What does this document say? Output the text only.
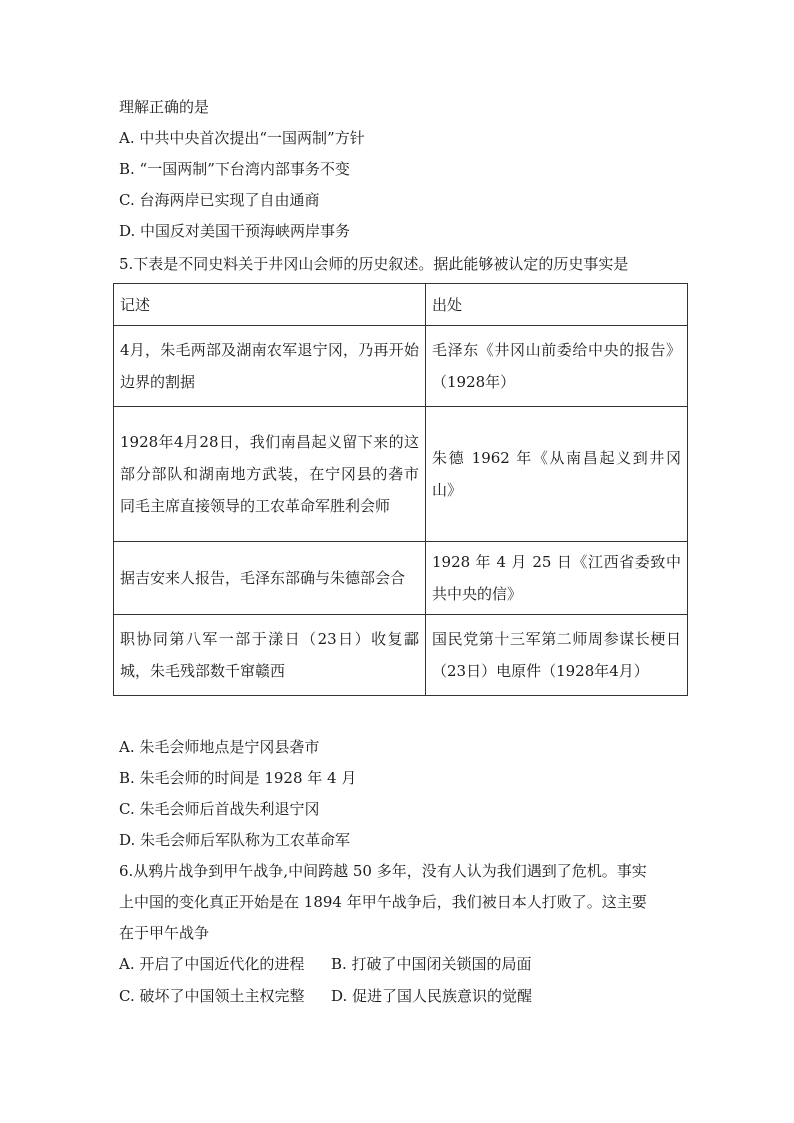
理解正确的是
A. 中共中央首次提出“一国两制”方针
B. “一国两制”下台湾内部事务不变
C. 台海两岸已实现了自由通商
D. 中国反对美国干预海峡两岸事务
5.下表是不同史料关于井冈山会师的历史叙述。据此能够被认定的历史事实是
记述	出处

4月，朱毛两部及湖南农军退宁冈，乃再开始边界的割据	毛泽东《井冈山前委给中央的报告》（1928年）

1928年4月28日，我们南昌起义留下来的这部分部队和湖南地方武装，在宁冈县的砻市同毛主席直接领导的工农革命军胜利会师	朱德 1962 年《从南昌起义到井冈山》

据吉安来人报告，毛泽东部确与朱德部会合	1928 年 4 月 25 日《江西省委致中共中央的信》

职协同第八军一部于漾日（23日）收复酃城，朱毛残部数千窜赣西	国民党第十三军第二师周参谋长梗日（23日）电原件（1928年4月）
A. 朱毛会师地点是宁冈县砻市
B. 朱毛会师的时间是 1928 年 4 月
C. 朱毛会师后首战失利退宁冈
D. 朱毛会师后军队称为工农革命军
6.从鸦片战争到甲午战争,中间跨越 50 多年，没有人认为我们遇到了危机。事实
上中国的变化真正开始是在 1894 年甲午战争后，我们被日本人打败了。这主要
在于甲午战争
A. 开启了中国近代化的进程 B. 打破了中国闭关锁国的局面
C. 破坏了中国领土主权完整 D. 促进了国人民族意识的觉醒
